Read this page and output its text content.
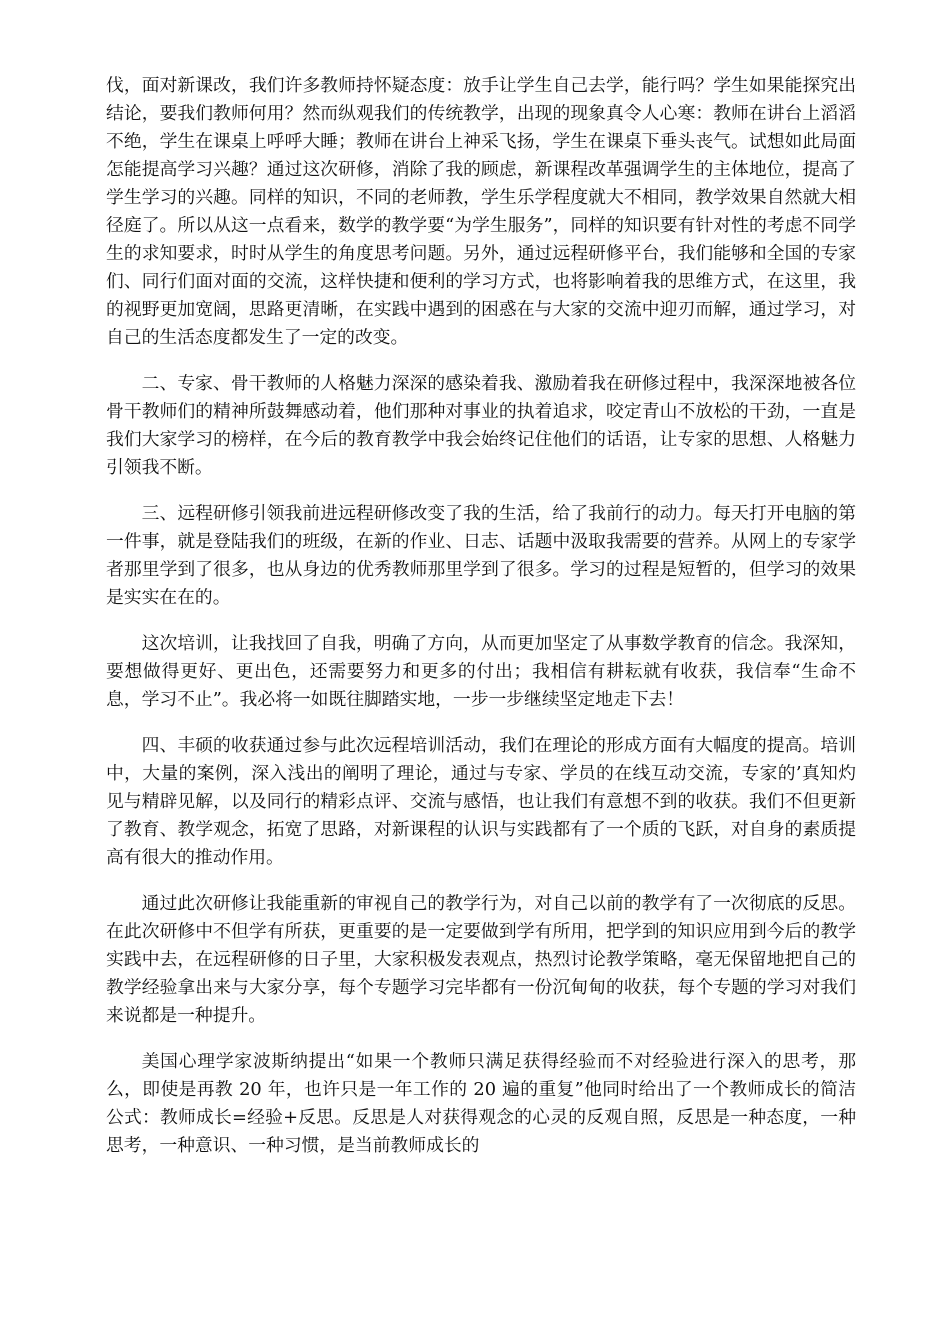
伐，面对新课改，我们许多教师持怀疑态度：放手让学生自己去学，能行吗？学生如果能探究出结论，要我们教师何用？然而纵观我们的传统教学，出现的现象真令人心寒：教师在讲台上滔滔不绝，学生在课桌上呼呼大睡；教师在讲台上神采飞扬，学生在课桌下垂头丧气。试想如此局面怎能提高学习兴趣？通过这次研修，消除了我的顾虑，新课程改革强调学生的主体地位，提高了学生学习的兴趣。同样的知识，不同的老师教，学生乐学程度就大不相同，教学效果自然就大相径庭了。所以从这一点看来，数学的教学要“为学生服务”，同样的知识要有针对性的考虑不同学生的求知要求，时时从学生的角度思考问题。另外，通过远程研修平台，我们能够和全国的专家们、同行们面对面的交流，这样快捷和便利的学习方式，也将影响着我的思维方式，在这里，我的视野更加宽阔，思路更清晰，在实践中遇到的困惑在与大家的交流中迎刃而解，通过学习，对自己的生活态度都发生了一定的改变。

二、专家、骨干教师的人格魅力深深的感染着我、激励着我在研修过程中，我深深地被各位骨干教师们的精神所鼓舞感动着，他们那种对事业的执着追求，咬定青山不放松的干劲，一直是我们大家学习的榜样，在今后的教育教学中我会始终记住他们的话语，让专家的思想、人格魅力引领我不断。

三、远程研修引领我前进远程研修改变了我的生活，给了我前行的动力。每天打开电脑的第一件事，就是登陆我们的班级，在新的作业、日志、话题中汲取我需要的营养。从网上的专家学者那里学到了很多，也从身边的优秀教师那里学到了很多。学习的过程是短暂的，但学习的效果是实实在在的。

这次培训，让我找回了自我，明确了方向，从而更加坚定了从事数学教育的信念。我深知，要想做得更好、更出色，还需要努力和更多的付出；我相信有耕耘就有收获，我信奉“生命不息，学习不止”。我必将一如既往脚踏实地，一步一步继续坚定地走下去！

四、丰硕的收获通过参与此次远程培训活动，我们在理论的形成方面有大幅度的提高。培训中，大量的案例，深入浅出的阐明了理论，通过与专家、学员的在线互动交流，专家的’真知灼见与精辟见解，以及同行的精彩点评、交流与感悟，也让我们有意想不到的收获。我们不但更新了教育、教学观念，拓宽了思路，对新课程的认识与实践都有了一个质的飞跃，对自身的素质提高有很大的推动作用。

通过此次研修让我能重新的审视自己的教学行为，对自己以前的教学有了一次彻底的反思。在此次研修中不但学有所获，更重要的是一定要做到学有所用，把学到的知识应用到今后的教学实践中去，在远程研修的日子里，大家积极发表观点，热烈讨论教学策略，毫无保留地把自己的教学经验拿出来与大家分享，每个专题学习完毕都有一份沉甸甸的收获，每个专题的学习对我们来说都是一种提升。

美国心理学家波斯纳提出“如果一个教师只满足获得经验而不对经验进行深入的思考，那么，即使是再教 20 年，也许只是一年工作的 20 遍的重复”他同时给出了一个教师成长的简洁公式：教师成长=经验+反思。反思是人对获得观念的心灵的反观自照，反思是一种态度，一种思考，一种意识、一种习惯，是当前教师成长的
